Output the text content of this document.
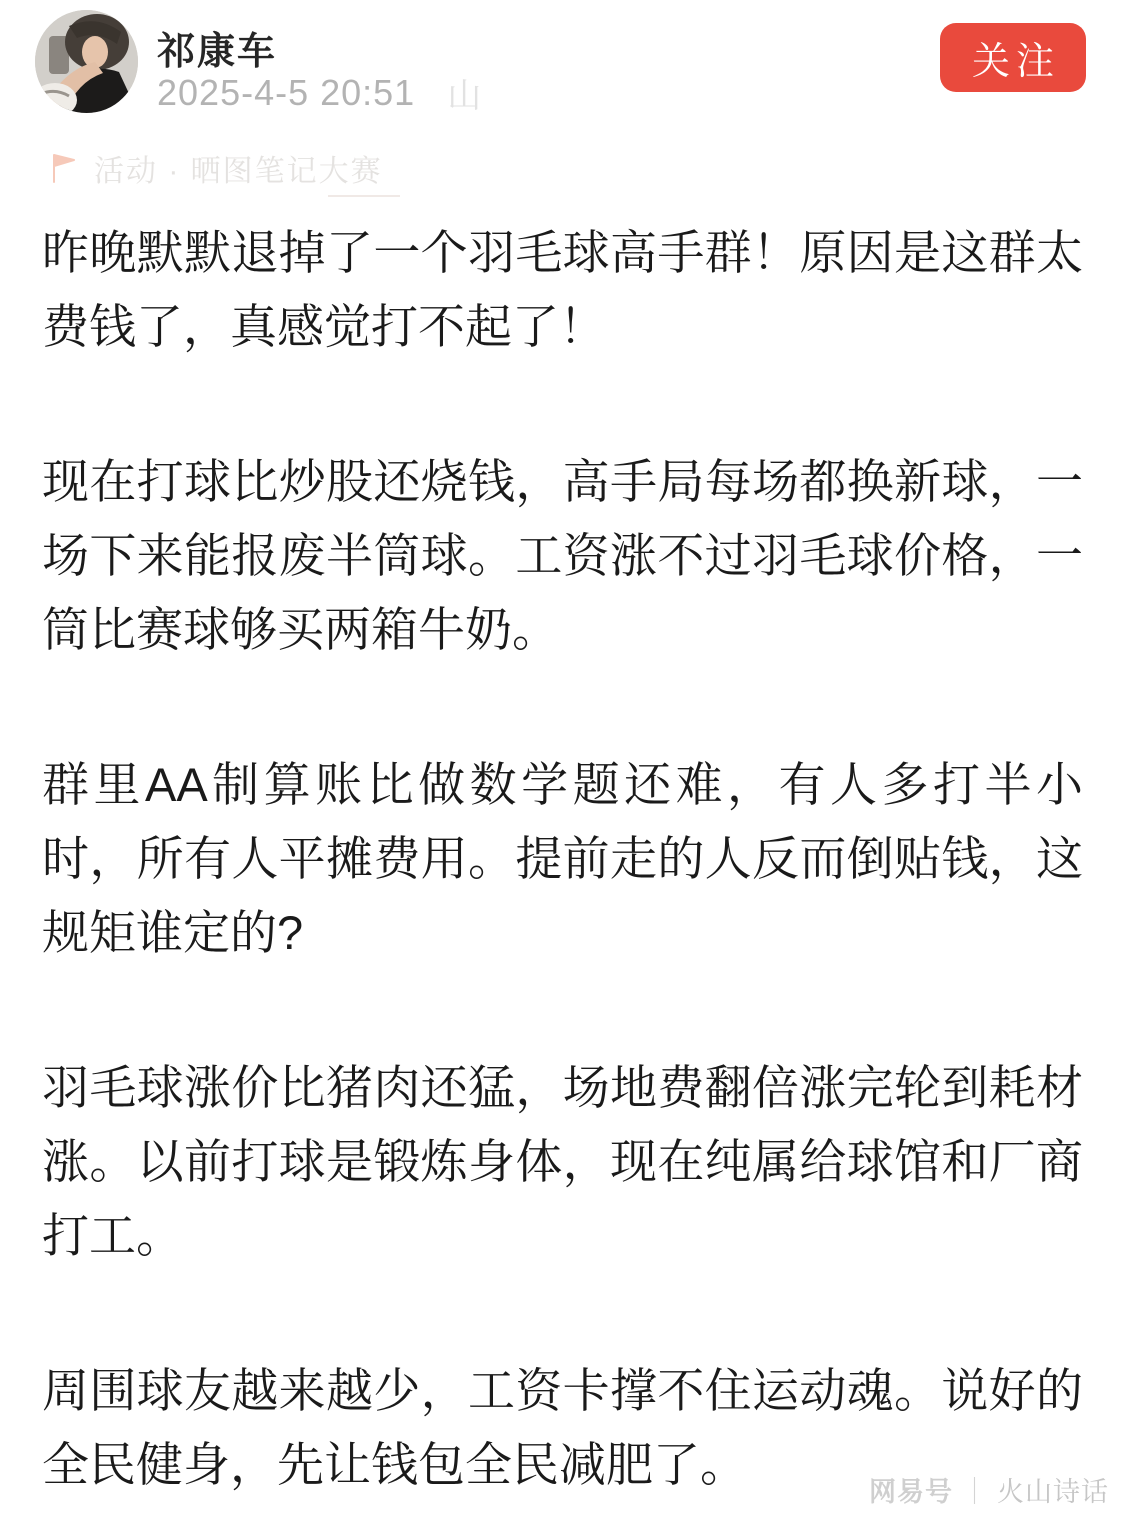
祁康车
2025-4-5 20:51 山
关注
活动 · 晒图笔记大赛

昨晚默默退掉了一个羽毛球高手群！原因是这群太费钱了，真感觉打不起了！

现在打球比炒股还烧钱，高手局每场都换新球，一场下来能报废半筒球。工资涨不过羽毛球价格，一筒比赛球够买两箱牛奶。

群里AA制算账比做数学题还难，有人多打半小时，所有人平摊费用。提前走的人反而倒贴钱，这规矩谁定的?

羽毛球涨价比猪肉还猛，场地费翻倍涨完轮到耗材涨。以前打球是锻炼身体，现在纯属给球馆和厂商打工。

周围球友越来越少，工资卡撑不住运动魂。说好的全民健身，先让钱包全民减肥了。

网易号 ｜ 火山诗话
